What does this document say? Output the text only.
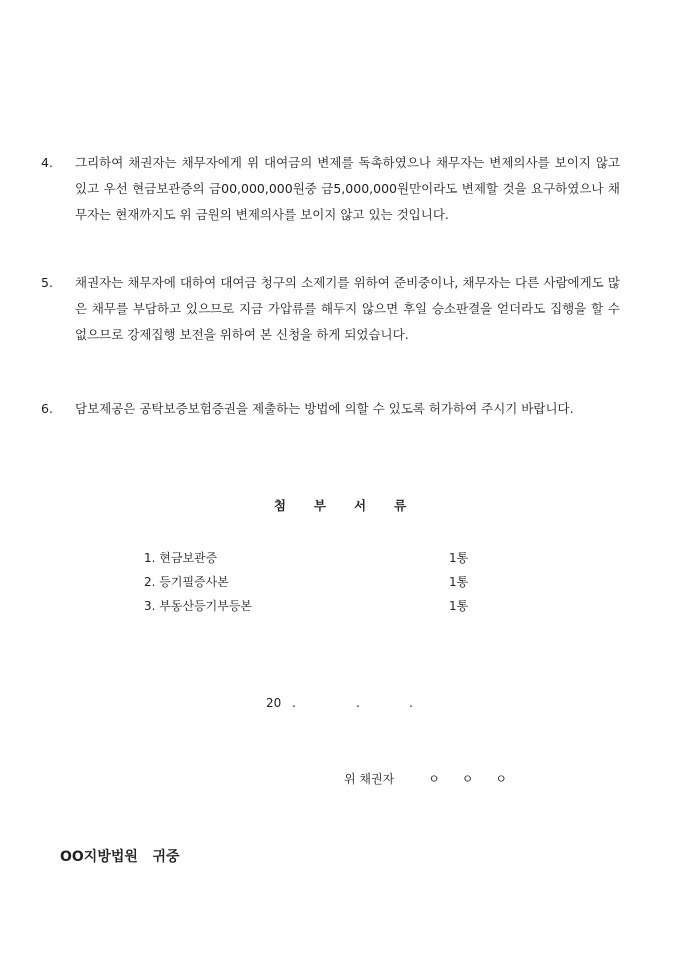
4. 그리하여 채권자는 채무자에게 위 대여금의 변제를 독촉하였으나 채무자는 변제의사를 보이지 않고 있고 우선 현금보관증의 금00,000,000원중 금5,000,000원만이라도 변제할 것을 요구하였으나 채무자는 현재까지도 위 금원의 변제의사를 보이지 않고 있는 것입니다.
5. 채권자는 채무자에 대하여 대여금 청구의 소제기를 위하여 준비중이나, 채무자는 다른 사람에게도 많은 채무를 부담하고 있으므로 지금 가압류를 해두지 않으면 후일 승소판결을 얻더라도 집행을 할 수 없으므로 강제집행 보전을 위하여 본 신청을 하게 되었습니다.
6. 담보제공은 공탁보증보험증권을 제출하는 방법에 의할 수 있도록 허가하여 주시기 바랍니다.
첨부서류
1. 현금보관증	1통
2. 등기필증사본	1통
3. 부동산등기부등본	1통

20

.

	.

	.

위 채권자	ㅇ ㅇ ㅇ
OO지방법원   귀중
